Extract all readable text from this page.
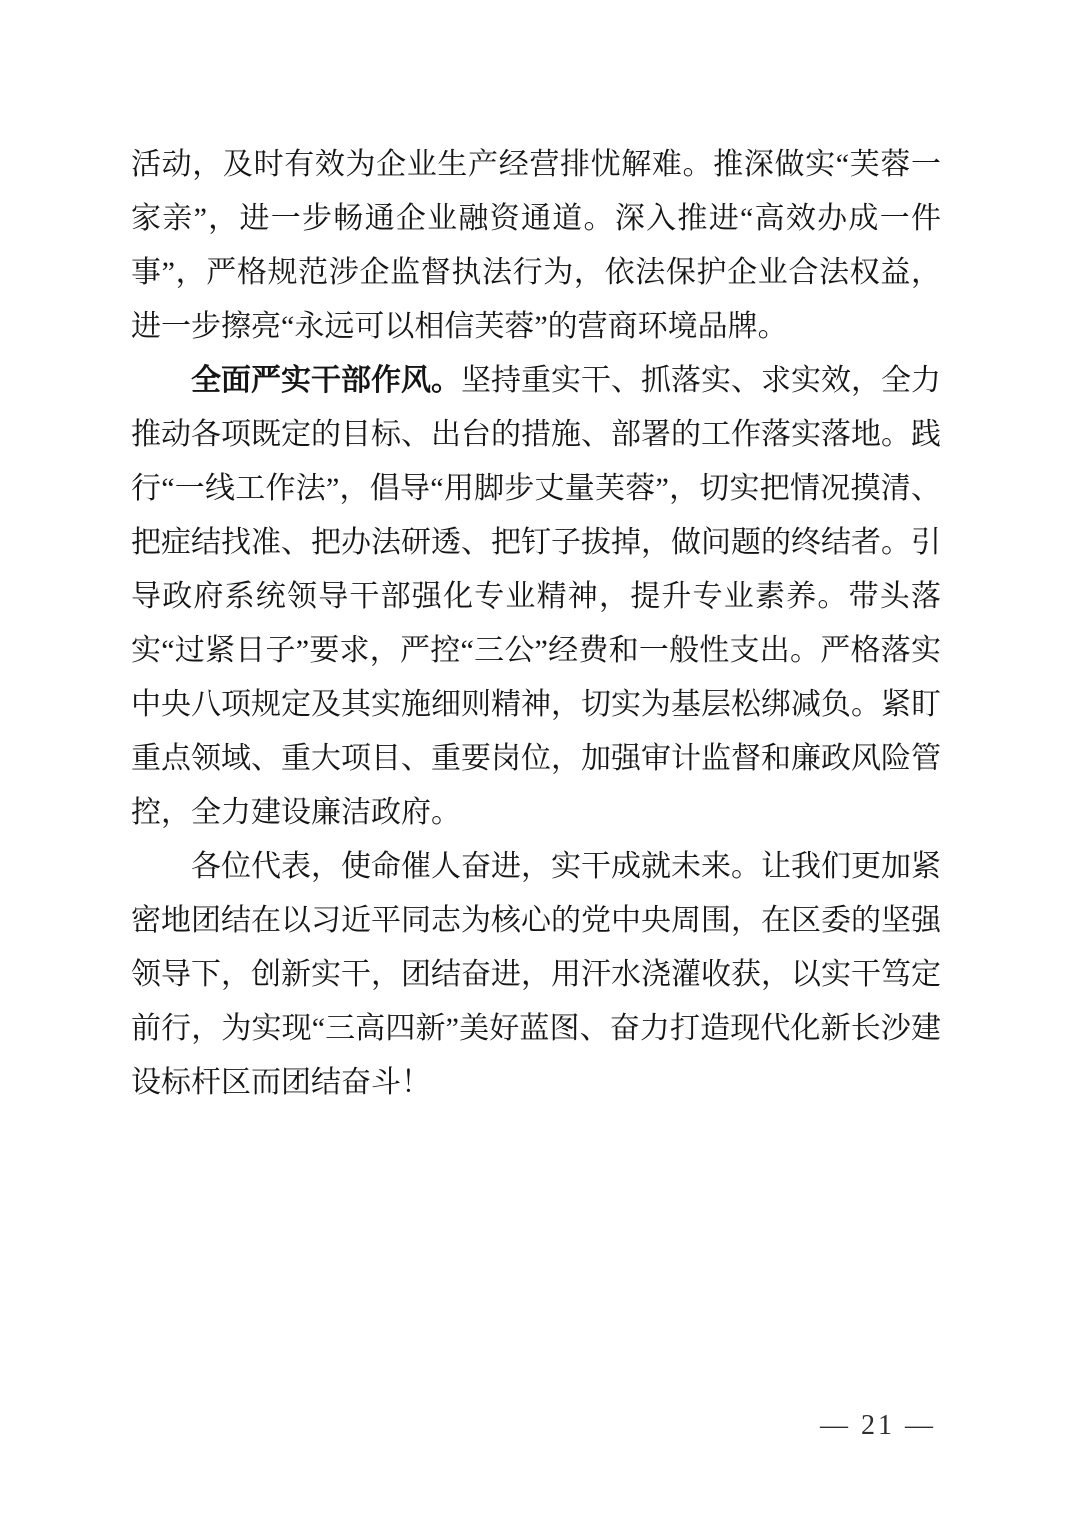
活动，及时有效为企业生产经营排忧解难。推深做实“芙蓉一家亲”，进一步畅通企业融资通道。深入推进“高效办成一件事”，严格规范涉企监督执法行为，依法保护企业合法权益，进一步擦亮“永远可以相信芙蓉”的营商环境品牌。

全面严实干部作风。坚持重实干、抓落实、求实效，全力推动各项既定的目标、出台的措施、部署的工作落实落地。践行“一线工作法”，倡导“用脚步丈量芙蓉”，切实把情况摸清、把症结找准、把办法研透、把钉子拔掉，做问题的终结者。引导政府系统领导干部强化专业精神，提升专业素养。带头落实“过紧日子”要求，严控“三公”经费和一般性支出。严格落实中央八项规定及其实施细则精神，切实为基层松绑减负。紧盯重点领域、重大项目、重要岗位，加强审计监督和廉政风险管控，全力建设廉洁政府。

各位代表，使命催人奋进，实干成就未来。让我们更加紧密地团结在以习近平同志为核心的党中央周围，在区委的坚强领导下，创新实干，团结奋进，用汗水浇灌收获，以实干笃定前行，为实现“三高四新”美好蓝图、奋力打造现代化新长沙建设标杆区而团结奋斗！

— 21 —
